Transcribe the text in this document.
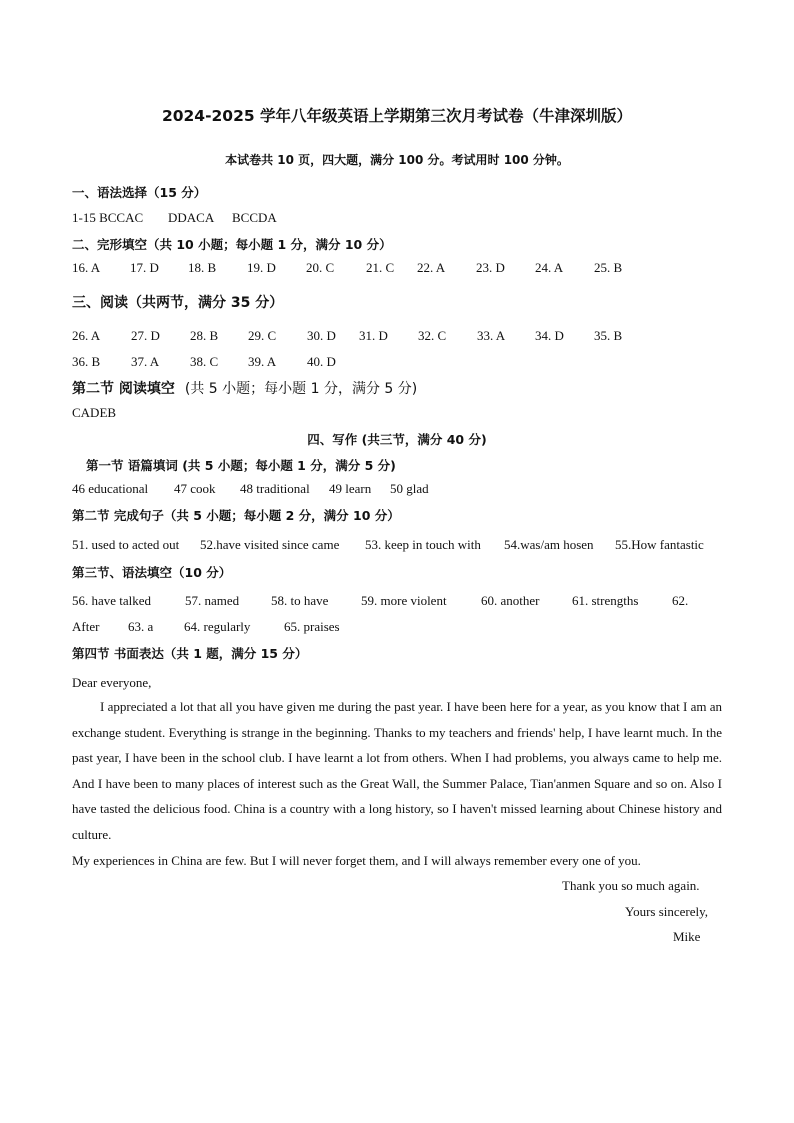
2024-2025 学年八年级英语上学期第三次月考试卷（牛津深圳版）
本试卷共 10 页，四大题，满分 100 分。考试用时 100 分钟。
一、语法选择（15 分）
1-15 BCCAC DDACA BCCDA
二、完形填空（共 10 小题；每小题 1 分，满分 10 分）
16. A 17. D 18. B 19. D 20. C 21. C 22. A 23. D 24. A 25. B
三、阅读（共两节，满分 35 分）
26. A 27. D 28. B 29. C 30. D 31. D 32. C 33. A 34. D 35. B
36. B 37. A 38. C 39. A 40. D
第二节 阅读填空 (共 5 小题；每小题 1 分，满分 5 分)
CADEB
四、写作 (共三节，满分 40 分)
第一节 语篇填词 (共 5 小题；每小题 1 分，满分 5 分)
46 educational 47 cook 48 traditional 49 learn 50 glad
第二节 完成句子（共 5 小题；每小题 2 分，满分 10 分）
51. used to acted out 52.have visited since came 53. keep in touch with 54.was/am hosen 55.How fantastic
第三节、语法填空（10 分）
56. have talked	57. named 58. to have	59. more violent	60. another	61. strengths	62.
After 63. a 64. regularly	65. praises
第四节 书面表达（共 1 题，满分 15 分）
Dear everyone,

I appreciated a lot that all you have given me during the past year. I have been here for a year, as you know that I am an exchange student. Everything is strange in the beginning. Thanks to my teachers and friends' help, I have learnt much. In the past year, I have been in the school club. I have learnt a lot from others. When I had problems, you always came to help me. And I have been to many places of interest such as the Great Wall, the Summer Palace, Tian'anmen Square and so on. Also I have tasted the delicious food. China is a country with a long history, so I haven't missed learning about Chinese history and culture.

My experiences in China are few. But I will never forget them, and I will always remember every one of you.
Thank you so much again.
Yours sincerely,
Mike
